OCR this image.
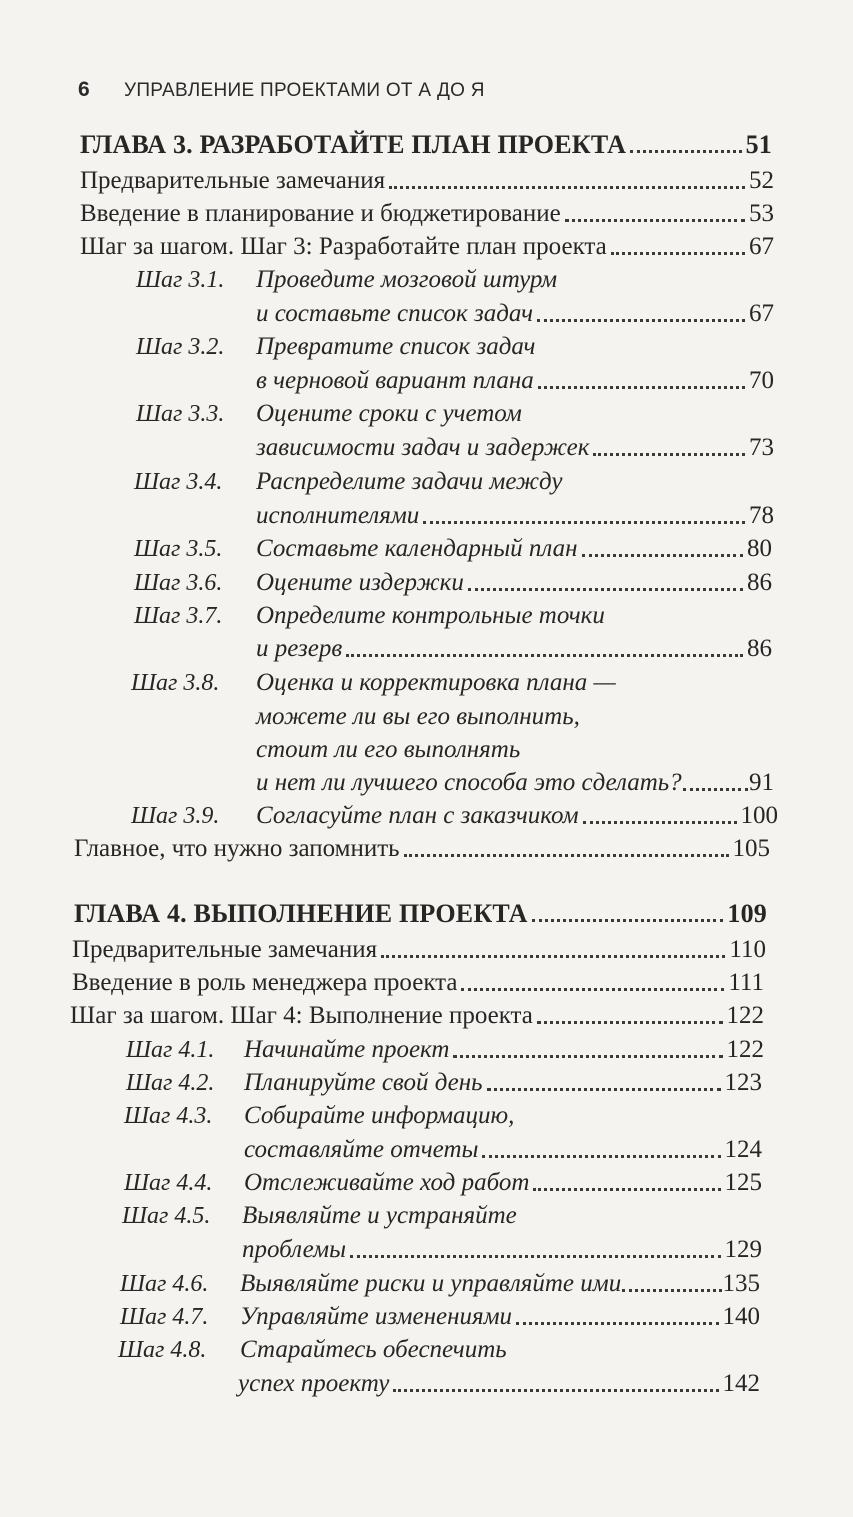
6 УПРАВЛЕНИЕ ПРОЕКТАМИ ОТ А ДО Я
ГЛАВА 3. РАЗРАБОТАЙТЕ ПЛАН ПРОЕКТА	51
Предварительные замечания	52
Введение в планирование и бюджетирование	53
Шаг за шагом. Шаг 3: Разработайте план проекта	67
Шаг 3.1. Проведите мозговой штурм
и составьте список задач	67
Шаг 3.2. Превратите список задач
в черновой вариант плана	70
Шаг 3.3. Оцените сроки с учетом
зависимости задач и задержек	73
Шаг 3.4. Распределите задачи между
исполнителями	78
Шаг 3.5. Составьте календарный план	80
Шаг 3.6. Оцените издержки	86
Шаг 3.7. Определите контрольные точки
и резерв	86
Шаг 3.8. Оценка и корректировка плана —
можете ли вы его выполнить,
стоит ли его выполнять
и нет ли лучшего способа это сделать?	91
Шаг 3.9. Согласуйте план с заказчиком	100
Главное, что нужно запомнить	105
ГЛАВА 4. ВЫПОЛНЕНИЕ ПРОЕКТА	109
Предварительные замечания	110
Введение в роль менеджера проекта	111
Шаг за шагом. Шаг 4: Выполнение проекта	122
Шаг 4.1. Начинайте проект	122
Шаг 4.2. Планируйте свой день	123
Шаг 4.3. Собирайте информацию,
составляйте отчеты	124
Шаг 4.4. Отслеживайте ход работ	125
Шаг 4.5. Выявляйте и устраняйте
проблемы	129
Шаг 4.6. Выявляйте риски и управляйте ими	135
Шаг 4.7. Управляйте изменениями	140
Шаг 4.8. Старайтесь обеспечить
успех проекту	142
